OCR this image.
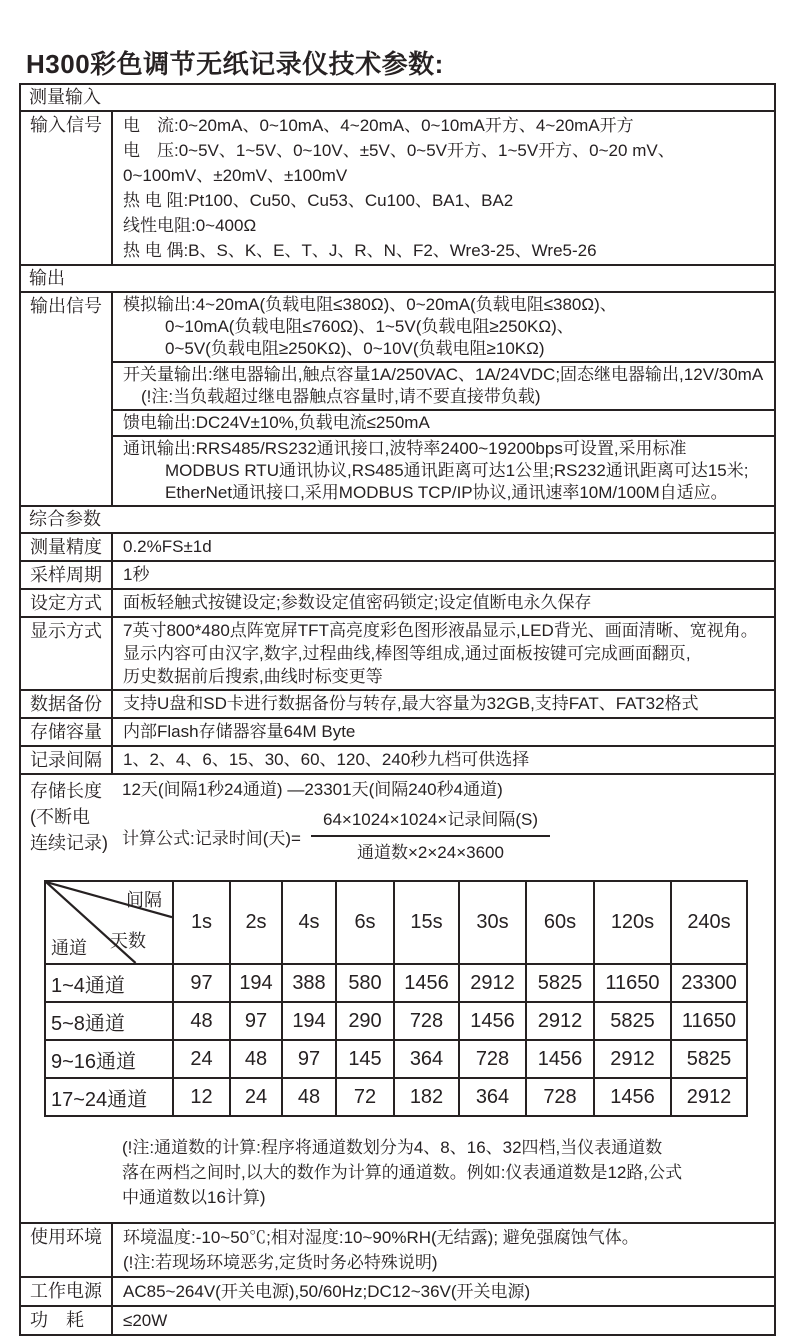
H300彩色调节无纸记录仪技术参数:
测量输入
输入信号	电　流:0~20mA、0~10mA、4~20mA、0~10mA开方、4~20mA开方
电　压:0~5V、1~5V、0~10V、±5V、0~5V开方、1~5V开方、0~20 mV、
0~100mV、±20mV、±100mV
热 电 阻:Pt100、Cu50、Cu53、Cu100、BA1、BA2
线性电阻:0~400Ω
热 电 偶:B、S、K、E、T、J、R、N、F2、Wre3-25、Wre5-26
输出
输出信号	模拟输出:4~20mA(负载电阻≤380Ω)、0~20mA(负载电阻≤380Ω)、
0~10mA(负载电阻≤760Ω)、1~5V(负载电阻≥250KΩ)、
0~5V(负载电阻≥250KΩ)、0~10V(负载电阻≥10KΩ)
开关量输出:继电器输出,触点容量1A/250VAC、1A/24VDC;固态继电器输出,12V/30mA
(!注:当负载超过继电器触点容量时,请不要直接带负载)
馈电输出:DC24V±10%,负载电流≤250mA
通讯输出:RRS485/RS232通讯接口,波特率2400~19200bps可设置,采用标准
MODBUS RTU通讯协议,RS485通讯距离可达1公里;RS232通讯距离可达15米;
EtherNet通讯接口,采用MODBUS TCP/IP协议,通讯速率10M/100M自适应。
综合参数
测量精度	0.2%FS±1d
采样周期	1秒
设定方式	面板轻触式按键设定;参数设定值密码锁定;设定值断电永久保存
显示方式	7英寸800*480点阵宽屏TFT高亮度彩色图形液晶显示,LED背光、画面清晰、宽视角。
显示内容可由汉字,数字,过程曲线,棒图等组成,通过面板按键可完成画面翻页,
历史数据前后搜索,曲线时标变更等
数据备份	支持U盘和SD卡进行数据备份与转存,最大容量为32GB,支持FAT、FAT32格式
存储容量	内部Flash存储器容量64M Byte
记录间隔	1、2、4、6、15、30、60、120、240秒九档可供选择
存储长度
(不断电
连续记录)
12天(间隔1秒24通道) —23301天(间隔240秒4通道)
计算公式:记录时间(天)= $\frac{\text{64×1024×1024×记录间隔(S)}}{\text{通道数×2×24×3600}}$
间隔
天数
通道	1s	2s	4s	6s	15s	30s	60s	120s	240s
1~4通道	97	194	388	580	1456	2912	5825	11650	23300
5~8通道	48	97	194	290	728	1456	2912	5825	11650
9~16通道	24	48	97	145	364	728	1456	2912	5825
17~24通道	12	24	48	72	182	364	728	1456	2912
(!注:通道数的计算:程序将通道数划分为4、8、16、32四档,当仪表通道数
落在两档之间时,以大的数作为计算的通道数。例如:仪表通道数是12路,公式
中通道数以16计算)
使用环境	环境温度:-10~50℃;相对湿度:10~90%RH(无结露); 避免强腐蚀气体。
(!注:若现场环境恶劣,定货时务必特殊说明)
工作电源	AC85~264V(开关电源),50/60Hz;DC12~36V(开关电源)
功　耗	≤20W
